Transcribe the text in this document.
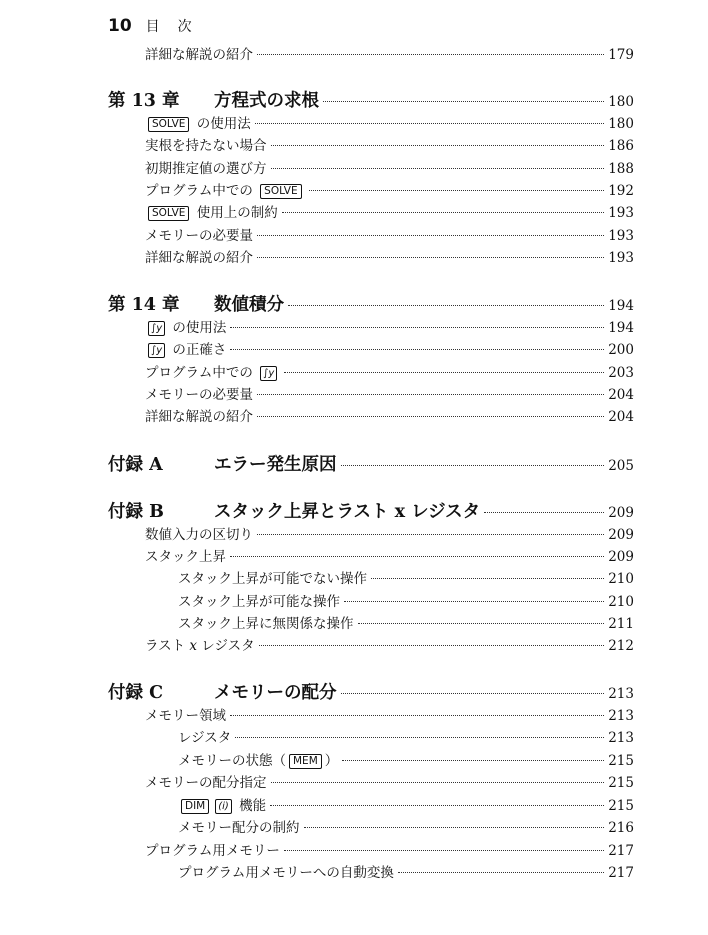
10 目次
詳細な解説の紹介	179
第 13 章	方程式の求根	180
SOLVE の使用法	180
実根を持たない場合	186
初期推定値の選び方	188
プログラム中での SOLVE	192
SOLVE 使用上の制約	193
メモリーの必要量	193
詳細な解説の紹介	193
第 14 章	数値積分	194
∫y の使用法	194
∫y の正確さ	200
プログラム中での ∫y	203
メモリーの必要量	204
詳細な解説の紹介	204
付録 A	エラー発生原因	205
付録 B	スタック上昇とラスト x レジスタ	209
数値入力の区切り	209
スタック上昇	209
スタック上昇が可能でない操作	210
スタック上昇が可能な操作	210
スタック上昇に無関係な操作	211
ラスト x レジスタ	212
付録 C	メモリーの配分	213
メモリー領域	213
レジスタ	213
メモリーの状態（ MEM ）	215
メモリーの配分指定	215
DIM (i) 機能	215
メモリー配分の制約	216
プログラム用メモリー	217
プログラム用メモリーへの自動変換	217
